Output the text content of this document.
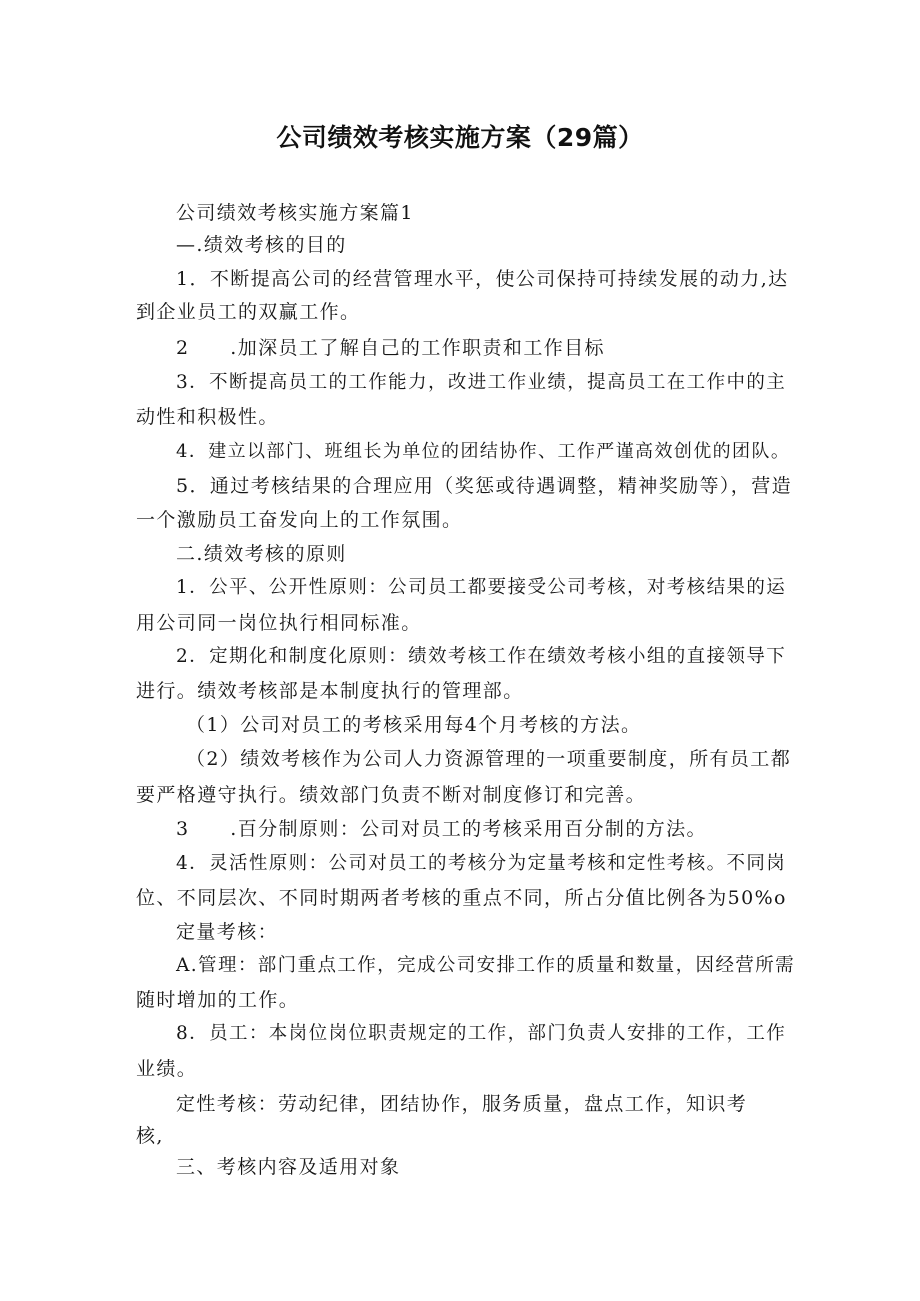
公司绩效考核实施方案（29篇）
公司绩效考核实施方案篇1
—.绩效考核的目的
1．不断提高公司的经营管理水平，使公司保持可持续发展的动力,达
到企业员工的双赢工作。
2　　.加深员工了解自己的工作职责和工作目标
3．不断提高员工的工作能力，改进工作业绩，提高员工在工作中的主
动性和积极性。
4．建立以部门、班组长为单位的团结协作、工作严谨高效创优的团队。
5．通过考核结果的合理应用（奖惩或待遇调整，精神奖励等），营造
一个激励员工奋发向上的工作氛围。
二.绩效考核的原则
1．公平、公开性原则：公司员工都要接受公司考核，对考核结果的运
用公司同一岗位执行相同标准。
2．定期化和制度化原则：绩效考核工作在绩效考核小组的直接领导下
进行。绩效考核部是本制度执行的管理部。
（1）公司对员工的考核采用每4个月考核的方法。
（2）绩效考核作为公司人力资源管理的一项重要制度，所有员工都
要严格遵守执行。绩效部门负责不断对制度修订和完善。
3　　.百分制原则：公司对员工的考核采用百分制的方法。
4．灵活性原则：公司对员工的考核分为定量考核和定性考核。不同岗
位、不同层次、不同时期两者考核的重点不同，所占分值比例各为50%o
定量考核：
A.管理：部门重点工作，完成公司安排工作的质量和数量，因经营所需
随时增加的工作。
8．员工：本岗位岗位职责规定的工作，部门负责人安排的工作，工作
业绩。
定性考核：劳动纪律，团结协作，服务质量，盘点工作，知识考
核,
三、考核内容及适用对象
